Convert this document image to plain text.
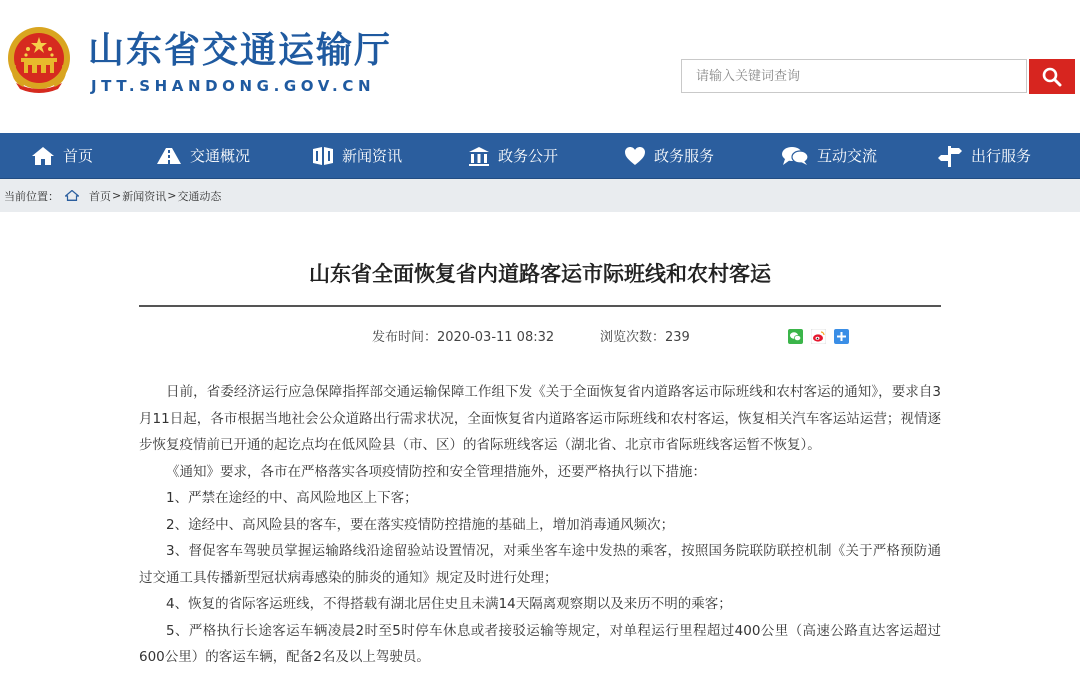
山东省交通运输厅
JTT.SHANDONG.GOV.CN
请输入关键词查询
首页	交通概况	新闻资讯	政务公开	政务服务	互动交流	出行服务
当前位置：	首页 > 新闻资讯 > 交通动态
山东省全面恢复省内道路客运市际班线和农村客运
发布时间：2020-03-11 08:32	浏览次数：239

日前，省委经济运行应急保障指挥部交通运输保障工作组下发《关于全面恢复省内道路客运市际班线和农村客运的通知》，要求自3月11日起，各市根据当地社会公众道路出行需求状况，全面恢复省内道路客运市际班线和农村客运，恢复相关汽车客运站运营；视情逐步恢复疫情前已开通的起讫点均在低风险县（市、区）的省际班线客运（湖北省、北京市省际班线客运暂不恢复）。

《通知》要求，各市在严格落实各项疫情防控和安全管理措施外，还要严格执行以下措施：

1、严禁在途经的中、高风险地区上下客；

2、途经中、高风险县的客车，要在落实疫情防控措施的基础上，增加消毒通风频次；

3、督促客车驾驶员掌握运输路线沿途留验站设置情况，对乘坐客车途中发热的乘客，按照国务院联防联控机制《关于严格预防通过交通工具传播新型冠状病毒感染的肺炎的通知》规定及时进行处理；

4、恢复的省际客运班线，不得搭载有湖北居住史且未满14天隔离观察期以及来历不明的乘客；

5、严格执行长途客运车辆凌晨2时至5时停车休息或者接驳运输等规定，对单程运行里程超过400公里（高速公路直达客运超过600公里）的客运车辆，配备2名及以上驾驶员。
